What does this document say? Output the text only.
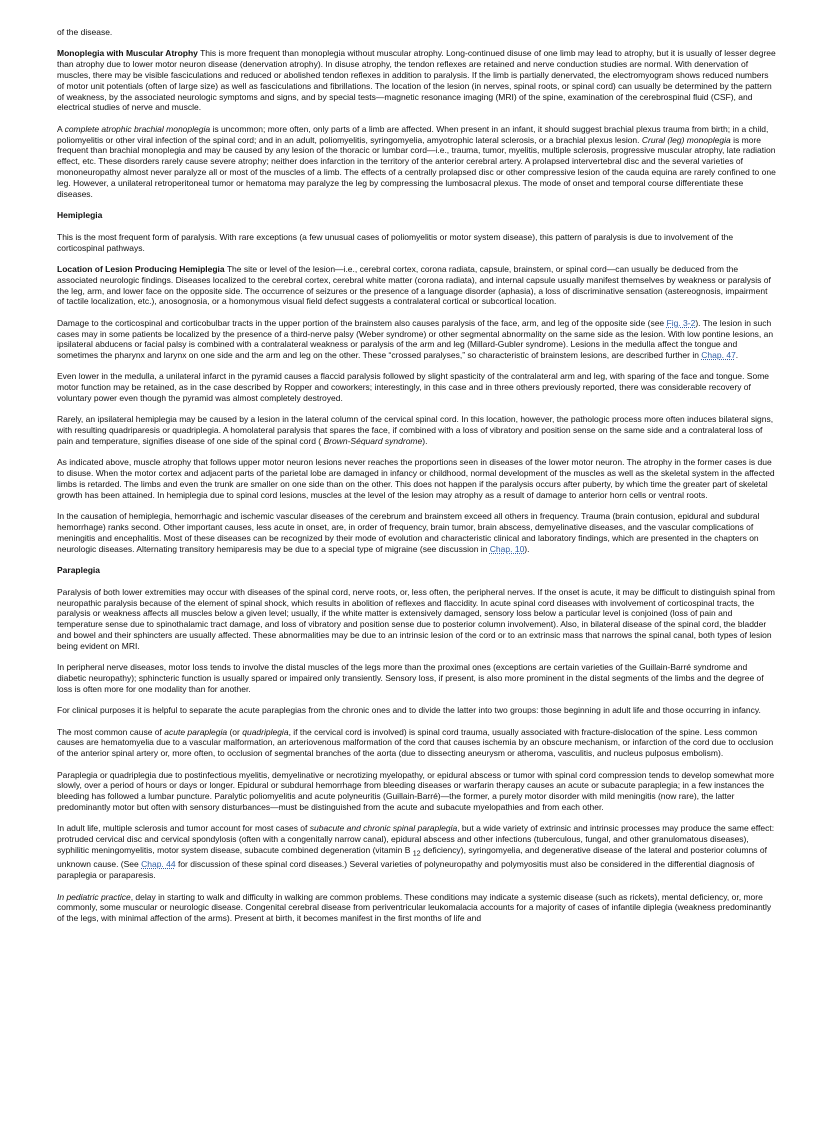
of the disease.

Monoplegia with Muscular Atrophy This is more frequent than monoplegia without muscular atrophy. Long-continued disuse of one limb may lead to atrophy, but it is usually of lesser degree than atrophy due to lower motor neuron disease (denervation atrophy). In disuse atrophy, the tendon reflexes are retained and nerve conduction studies are normal. With denervation of muscles, there may be visible fasciculations and reduced or abolished tendon reflexes in addition to paralysis. If the limb is partially denervated, the electromyogram shows reduced numbers of motor unit potentials (often of large size) as well as fasciculations and fibrillations. The location of the lesion (in nerves, spinal roots, or spinal cord) can usually be determined by the pattern of weakness, by the associated neurologic symptoms and signs, and by special tests—magnetic resonance imaging (MRI) of the spine, examination of the cerebrospinal fluid (CSF), and electrical studies of nerve and muscle.

A complete atrophic brachial monoplegia is uncommon; more often, only parts of a limb are affected. When present in an infant, it should suggest brachial plexus trauma from birth; in a child, poliomyelitis or other viral infection of the spinal cord; and in an adult, poliomyelitis, syringomyelia, amyotrophic lateral sclerosis, or a brachial plexus lesion. Crural (leg) monoplegia is more frequent than brachial monoplegia and may be caused by any lesion of the thoracic or lumbar cord—i.e., trauma, tumor, myelitis, multiple sclerosis, progressive muscular atrophy, late radiation effect, etc. These disorders rarely cause severe atrophy; neither does infarction in the territory of the anterior cerebral artery. A prolapsed intervertebral disc and the several varieties of mononeuropathy almost never paralyze all or most of the muscles of a limb. The effects of a centrally prolapsed disc or other compressive lesion of the cauda equina are rarely confined to one leg. However, a unilateral retroperitoneal tumor or hematoma may paralyze the leg by compressing the lumbosacral plexus. The mode of onset and temporal course differentiate these diseases.

Hemiplegia

This is the most frequent form of paralysis. With rare exceptions (a few unusual cases of poliomyelitis or motor system disease), this pattern of paralysis is due to involvement of the corticospinal pathways.

Location of Lesion Producing Hemiplegia The site or level of the lesion—i.e., cerebral cortex, corona radiata, capsule, brainstem, or spinal cord—can usually be deduced from the associated neurologic findings. Diseases localized to the cerebral cortex, cerebral white matter (corona radiata), and internal capsule usually manifest themselves by weakness or paralysis of the leg, arm, and lower face on the opposite side. The occurrence of seizures or the presence of a language disorder (aphasia), a loss of discriminative sensation (astereognosis, impairment of tactile localization, etc.), anosognosia, or a homonymous visual field defect suggests a contralateral cortical or subcortical location.

Damage to the corticospinal and corticobulbar tracts in the upper portion of the brainstem also causes paralysis of the face, arm, and leg of the opposite side (see Fig. 3-2). The lesion in such cases may in some patients be localized by the presence of a third-nerve palsy (Weber syndrome) or other segmental abnormality on the same side as the lesion. With low pontine lesions, an ipsilateral abducens or facial palsy is combined with a contralateral weakness or paralysis of the arm and leg (Millard-Gubler syndrome). Lesions in the medulla affect the tongue and sometimes the pharynx and larynx on one side and the arm and leg on the other. These “crossed paralyses,” so characteristic of brainstem lesions, are described further in Chap. 47.

Even lower in the medulla, a unilateral infarct in the pyramid causes a flaccid paralysis followed by slight spasticity of the contralateral arm and leg, with sparing of the face and tongue. Some motor function may be retained, as in the case described by Ropper and coworkers; interestingly, in this case and in three others previously reported, there was considerable recovery of voluntary power even though the pyramid was almost completely destroyed.

Rarely, an ipsilateral hemiplegia may be caused by a lesion in the lateral column of the cervical spinal cord. In this location, however, the pathologic process more often induces bilateral signs, with resulting quadriparesis or quadriplegia. A homolateral paralysis that spares the face, if combined with a loss of vibratory and position sense on the same side and a contralateral loss of pain and temperature, signifies disease of one side of the spinal cord ( Brown-Séquard syndrome).

As indicated above, muscle atrophy that follows upper motor neuron lesions never reaches the proportions seen in diseases of the lower motor neuron. The atrophy in the former cases is due to disuse. When the motor cortex and adjacent parts of the parietal lobe are damaged in infancy or childhood, normal development of the muscles as well as the skeletal system in the affected limbs is retarded. The limbs and even the trunk are smaller on one side than on the other. This does not happen if the paralysis occurs after puberty, by which time the greater part of skeletal growth has been attained. In hemiplegia due to spinal cord lesions, muscles at the level of the lesion may atrophy as a result of damage to anterior horn cells or ventral roots.

In the causation of hemiplegia, hemorrhagic and ischemic vascular diseases of the cerebrum and brainstem exceed all others in frequency. Trauma (brain contusion, epidural and subdural hemorrhage) ranks second. Other important causes, less acute in onset, are, in order of frequency, brain tumor, brain abscess, demyelinative diseases, and the vascular complications of meningitis and encephalitis. Most of these diseases can be recognized by their mode of evolution and characteristic clinical and laboratory findings, which are presented in the chapters on neurologic diseases. Alternating transitory hemiparesis may be due to a special type of migraine (see discussion in Chap. 10).

Paraplegia

Paralysis of both lower extremities may occur with diseases of the spinal cord, nerve roots, or, less often, the peripheral nerves. If the onset is acute, it may be difficult to distinguish spinal from neuropathic paralysis because of the element of spinal shock, which results in abolition of reflexes and flaccidity. In acute spinal cord diseases with involvement of corticospinal tracts, the paralysis or weakness affects all muscles below a given level; usually, if the white matter is extensively damaged, sensory loss below a particular level is conjoined (loss of pain and temperature sense due to spinothalamic tract damage, and loss of vibratory and position sense due to posterior column involvement). Also, in bilateral disease of the spinal cord, the bladder and bowel and their sphincters are usually affected. These abnormalities may be due to an intrinsic lesion of the cord or to an extrinsic mass that narrows the spinal canal, both types of lesion being evident on MRI.

In peripheral nerve diseases, motor loss tends to involve the distal muscles of the legs more than the proximal ones (exceptions are certain varieties of the Guillain-Barré syndrome and diabetic neuropathy); sphincteric function is usually spared or impaired only transiently. Sensory loss, if present, is also more prominent in the distal segments of the limbs and the degree of loss is often more for one modality than for another.

For clinical purposes it is helpful to separate the acute paraplegias from the chronic ones and to divide the latter into two groups: those beginning in adult life and those occurring in infancy.

The most common cause of acute paraplegia (or quadriplegia, if the cervical cord is involved) is spinal cord trauma, usually associated with fracture-dislocation of the spine. Less common causes are hematomyelia due to a vascular malformation, an arteriovenous malformation of the cord that causes ischemia by an obscure mechanism, or infarction of the cord due to occlusion of the anterior spinal artery or, more often, to occlusion of segmental branches of the aorta (due to dissecting aneurysm or atheroma, vasculitis, and nucleus pulposus embolism).

Paraplegia or quadriplegia due to postinfectious myelitis, demyelinative or necrotizing myelopathy, or epidural abscess or tumor with spinal cord compression tends to develop somewhat more slowly, over a period of hours or days or longer. Epidural or subdural hemorrhage from bleeding diseases or warfarin therapy causes an acute or subacute paraplegia; in a few instances the bleeding has followed a lumbar puncture. Paralytic poliomyelitis and acute polyneuritis (Guillain-Barré)—the former, a purely motor disorder with mild meningitis (now rare), the latter predominantly motor but often with sensory disturbances—must be distinguished from the acute and subacute myelopathies and from each other.

In adult life, multiple sclerosis and tumor account for most cases of subacute and chronic spinal paraplegia, but a wide variety of extrinsic and intrinsic processes may produce the same effect: protruded cervical disc and cervical spondylosis (often with a congenitally narrow canal), epidural abscess and other infections (tuberculous, fungal, and other granulomatous diseases), syphilitic meningomyelitis, motor system disease, subacute combined degeneration (vitamin B $_{12}$ deficiency), syringomyelia, and degenerative disease of the lateral and posterior columns of unknown cause. (See Chap. 44 for discussion of these spinal cord diseases.) Several varieties of polyneuropathy and polymyositis must also be considered in the differential diagnosis of paraplegia or paraparesis.

In pediatric practice, delay in starting to walk and difficulty in walking are common problems. These conditions may indicate a systemic disease (such as rickets), mental deficiency, or, more commonly, some muscular or neurologic disease. Congenital cerebral disease from periventricular leukomalacia accounts for a majority of cases of infantile diplegia (weakness predominantly of the legs, with minimal affection of the arms). Present at birth, it becomes manifest in the first months of life and
